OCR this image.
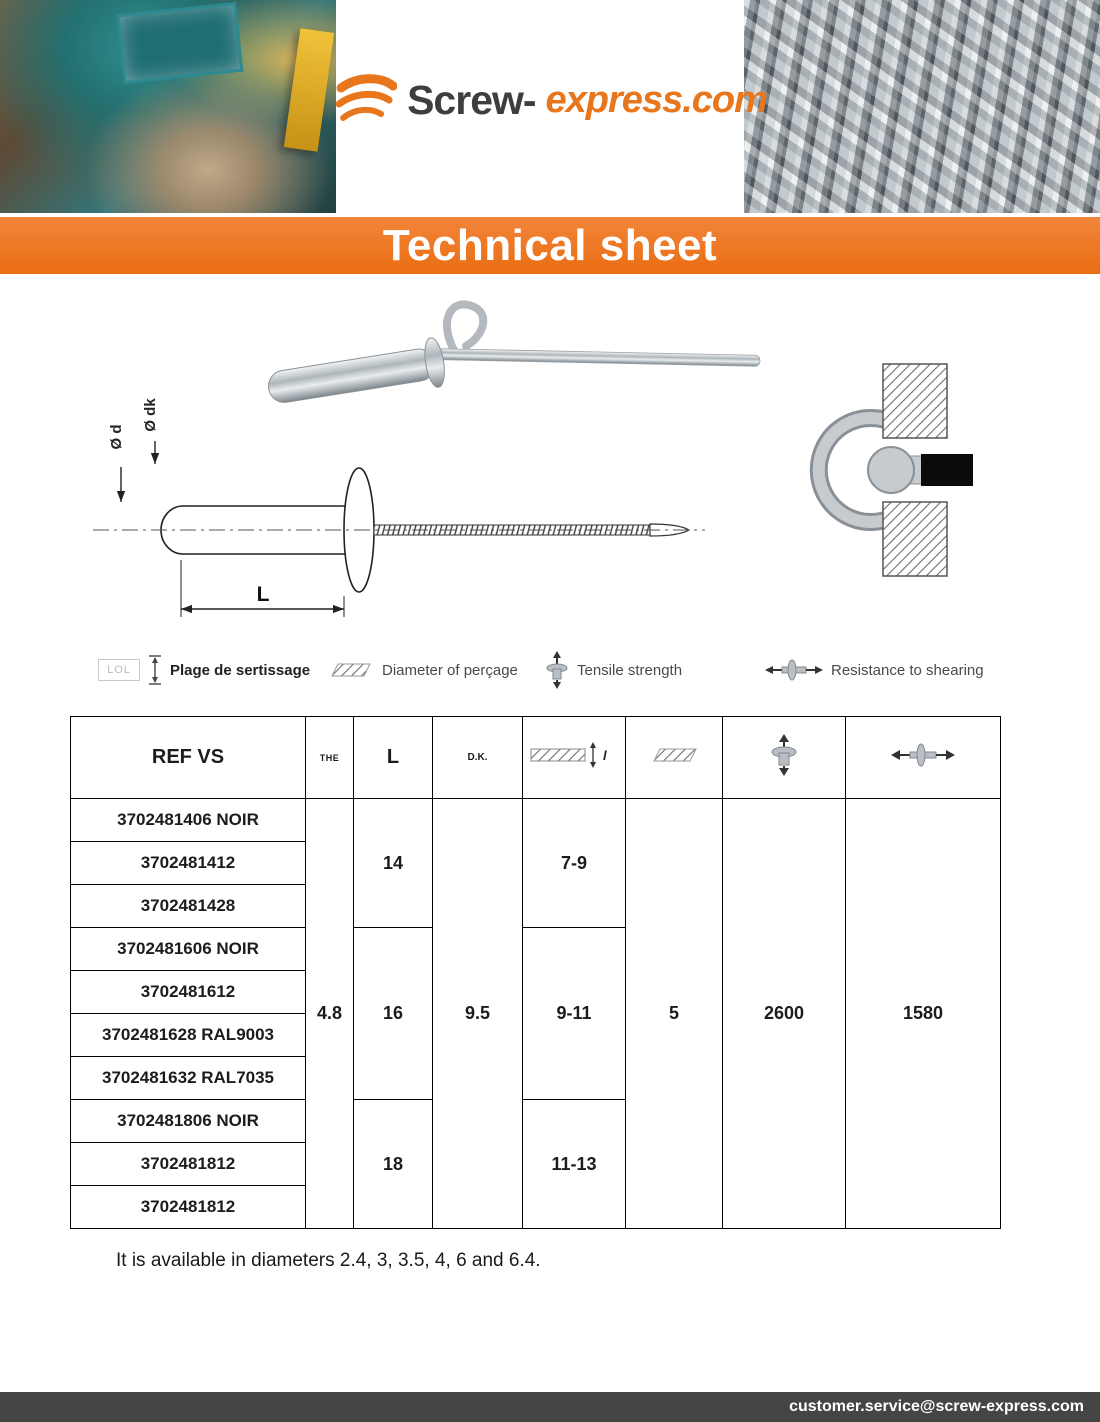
Screw- express.com
Technical sheet
Ø d
Ø dk
L
LOL	Plage de sertissage	Diameter of perçage	Tensile strength	Resistance to shearing
REF VS	THE	L	D.K.	l

3702481406 NOIR	4.8	14	9.5	7-9	5	2600	1580
3702481412							
3702481428							
3702481606 NOIR		16		9-11			
3702481612							
3702481628 RAL9003							
3702481632 RAL7035							
3702481806 NOIR		18		11-13			
3702481812							
3702481812							
It is available in diameters 2.4, 3, 3.5, 4, 6 and 6.4.
customer.service@screw-express.com
